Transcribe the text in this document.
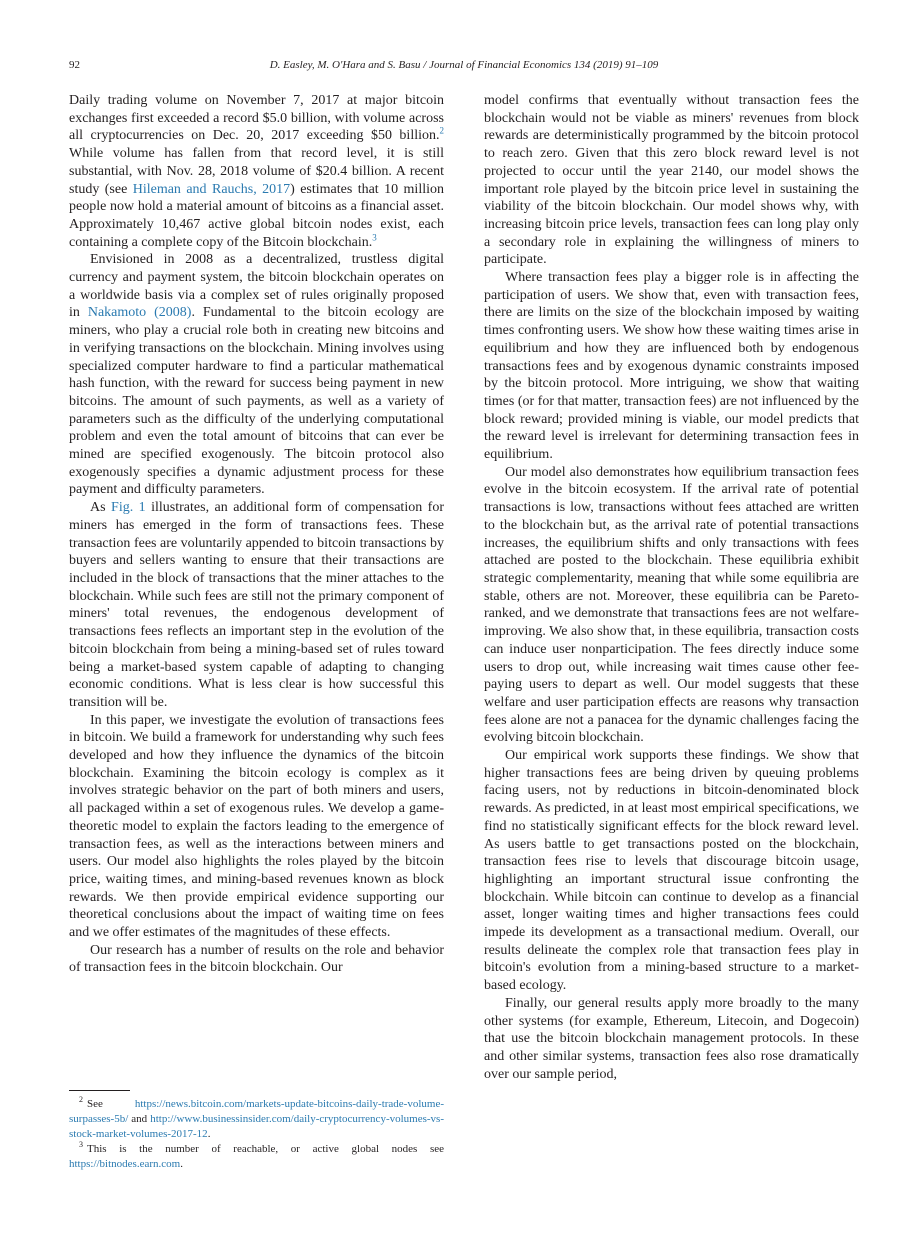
92	D. Easley, M. O'Hara and S. Basu / Journal of Financial Economics 134 (2019) 91–109

Daily trading volume on November 7, 2017 at major bitcoin exchanges first exceeded a record $5.0 billion, with volume across all cryptocurrencies on Dec. 20, 2017 exceeding $50 billion.$^2$ While volume has fallen from that record level, it is still substantial, with Nov. 28, 2018 volume of $20.4 billion. A recent study (see Hileman and Rauchs, 2017) estimates that 10 million people now hold a material amount of bitcoins as a financial asset. Approximately 10,467 active global bitcoin nodes exist, each containing a complete copy of the Bitcoin blockchain.$^3$

Envisioned in 2008 as a decentralized, trustless digital currency and payment system, the bitcoin blockchain operates on a worldwide basis via a complex set of rules originally proposed in Nakamoto (2008). Fundamental to the bitcoin ecology are miners, who play a crucial role both in creating new bitcoins and in verifying transactions on the blockchain. Mining involves using specialized computer hardware to find a particular mathematical hash function, with the reward for success being payment in new bitcoins. The amount of such payments, as well as a variety of parameters such as the difficulty of the underlying computational problem and even the total amount of bitcoins that can ever be mined are specified exogenously. The bitcoin protocol also exogenously specifies a dynamic adjustment process for these payment and difficulty parameters.

As Fig. 1 illustrates, an additional form of compensation for miners has emerged in the form of transactions fees. These transaction fees are voluntarily appended to bitcoin transactions by buyers and sellers wanting to ensure that their transactions are included in the block of transactions that the miner attaches to the blockchain. While such fees are still not the primary component of miners' total revenues, the endogenous development of transactions fees reflects an important step in the evolution of the bitcoin blockchain from being a mining-based set of rules toward being a market-based system capable of adapting to changing economic conditions. What is less clear is how successful this transition will be.

In this paper, we investigate the evolution of transactions fees in bitcoin. We build a framework for understanding why such fees developed and how they influence the dynamics of the bitcoin blockchain. Examining the bitcoin ecology is complex as it involves strategic behavior on the part of both miners and users, all packaged within a set of exogenous rules. We develop a game-theoretic model to explain the factors leading to the emergence of transaction fees, as well as the interactions between miners and users. Our model also highlights the roles played by the bitcoin price, waiting times, and mining-based revenues known as block rewards. We then provide empirical evidence supporting our theoretical conclusions about the impact of waiting time on fees and we offer estimates of the magnitudes of these effects.

Our research has a number of results on the role and behavior of transaction fees in the bitcoin blockchain. Our

model confirms that eventually without transaction fees the blockchain would not be viable as miners' revenues from block rewards are deterministically programmed by the bitcoin protocol to reach zero. Given that this zero block reward level is not projected to occur until the year 2140, our model shows the important role played by the bitcoin price level in sustaining the viability of the bitcoin blockchain. Our model shows why, with increasing bitcoin price levels, transaction fees can long play only a secondary role in explaining the willingness of miners to participate.

Where transaction fees play a bigger role is in affecting the participation of users. We show that, even with transaction fees, there are limits on the size of the blockchain imposed by waiting times confronting users. We show how these waiting times arise in equilibrium and how they are influenced both by endogenous transactions fees and by exogenous dynamic constraints imposed by the bitcoin protocol. More intriguing, we show that waiting times (or for that matter, transaction fees) are not influenced by the block reward; provided mining is viable, our model predicts that the reward level is irrelevant for determining transaction fees in equilibrium.

Our model also demonstrates how equilibrium transaction fees evolve in the bitcoin ecosystem. If the arrival rate of potential transactions is low, transactions without fees attached are written to the blockchain but, as the arrival rate of potential transactions increases, the equilibrium shifts and only transactions with fees attached are posted to the blockchain. These equilibria exhibit strategic complementarity, meaning that while some equilibria are stable, others are not. Moreover, these equilibria can be Pareto-ranked, and we demonstrate that transactions fees are not welfare-improving. We also show that, in these equilibria, transaction costs can induce user nonparticipation. The fees directly induce some users to drop out, while increasing wait times cause other fee-paying users to depart as well. Our model suggests that these welfare and user participation effects are reasons why transaction fees alone are not a panacea for the dynamic challenges facing the evolving bitcoin blockchain.

Our empirical work supports these findings. We show that higher transactions fees are being driven by queuing problems facing users, not by reductions in bitcoin-denominated block rewards. As predicted, in at least most empirical specifications, we find no statistically significant effects for the block reward level. As users battle to get transactions posted on the blockchain, transaction fees rise to levels that discourage bitcoin usage, highlighting an important structural issue confronting the blockchain. While bitcoin can continue to develop as a financial asset, longer waiting times and higher transactions fees could impede its development as a transactional medium. Overall, our results delineate the complex role that transaction fees play in bitcoin's evolution from a mining-based structure to a market-based ecology.

Finally, our general results apply more broadly to the many other systems (for example, Ethereum, Litecoin, and Dogecoin) that use the bitcoin blockchain management protocols. In these and other similar systems, transaction fees also rose dramatically over our sample period,

$^2$ See https://news.bitcoin.com/markets-update-bitcoins-daily-trade-volume-surpasses-5b/ and http://www.businessinsider.com/daily-cryptocurrency-volumes-vs-stock-market-volumes-2017-12.

$^3$ This is the number of reachable, or active global nodes see https://bitnodes.earn.com.
